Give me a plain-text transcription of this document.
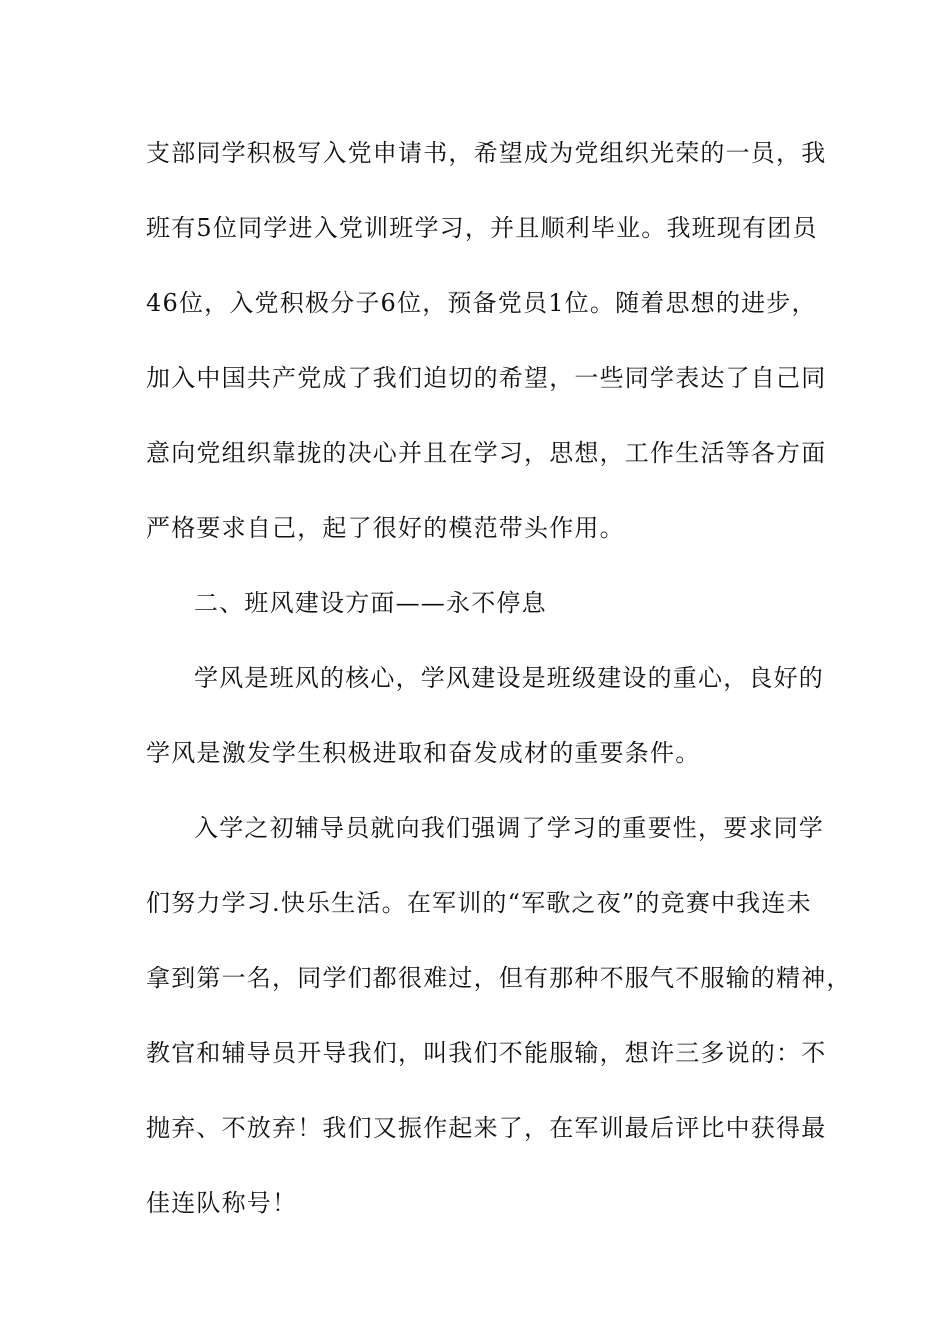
支部同学积极写入党申请书，希望成为党组织光荣的一员，我
班有5位同学进入党训班学习，并且顺利毕业。我班现有团员
46位，入党积极分子6位，预备党员1位。随着思想的进步，
加入中国共产党成了我们迫切的希望，一些同学表达了自己同
意向党组织靠拢的决心并且在学习，思想，工作生活等各方面
严格要求自己，起了很好的模范带头作用。
二、班风建设方面——永不停息
学风是班风的核心，学风建设是班级建设的重心，良好的
学风是激发学生积极进取和奋发成材的重要条件。
入学之初辅导员就向我们强调了学习的重要性，要求同学
们努力学习.快乐生活。在军训的“军歌之夜”的竞赛中我连未
拿到第一名，同学们都很难过，但有那种不服气不服输的精神，
教官和辅导员开导我们，叫我们不能服输，想许三多说的：不
抛弃、不放弃！我们又振作起来了，在军训最后评比中获得最
佳连队称号！
